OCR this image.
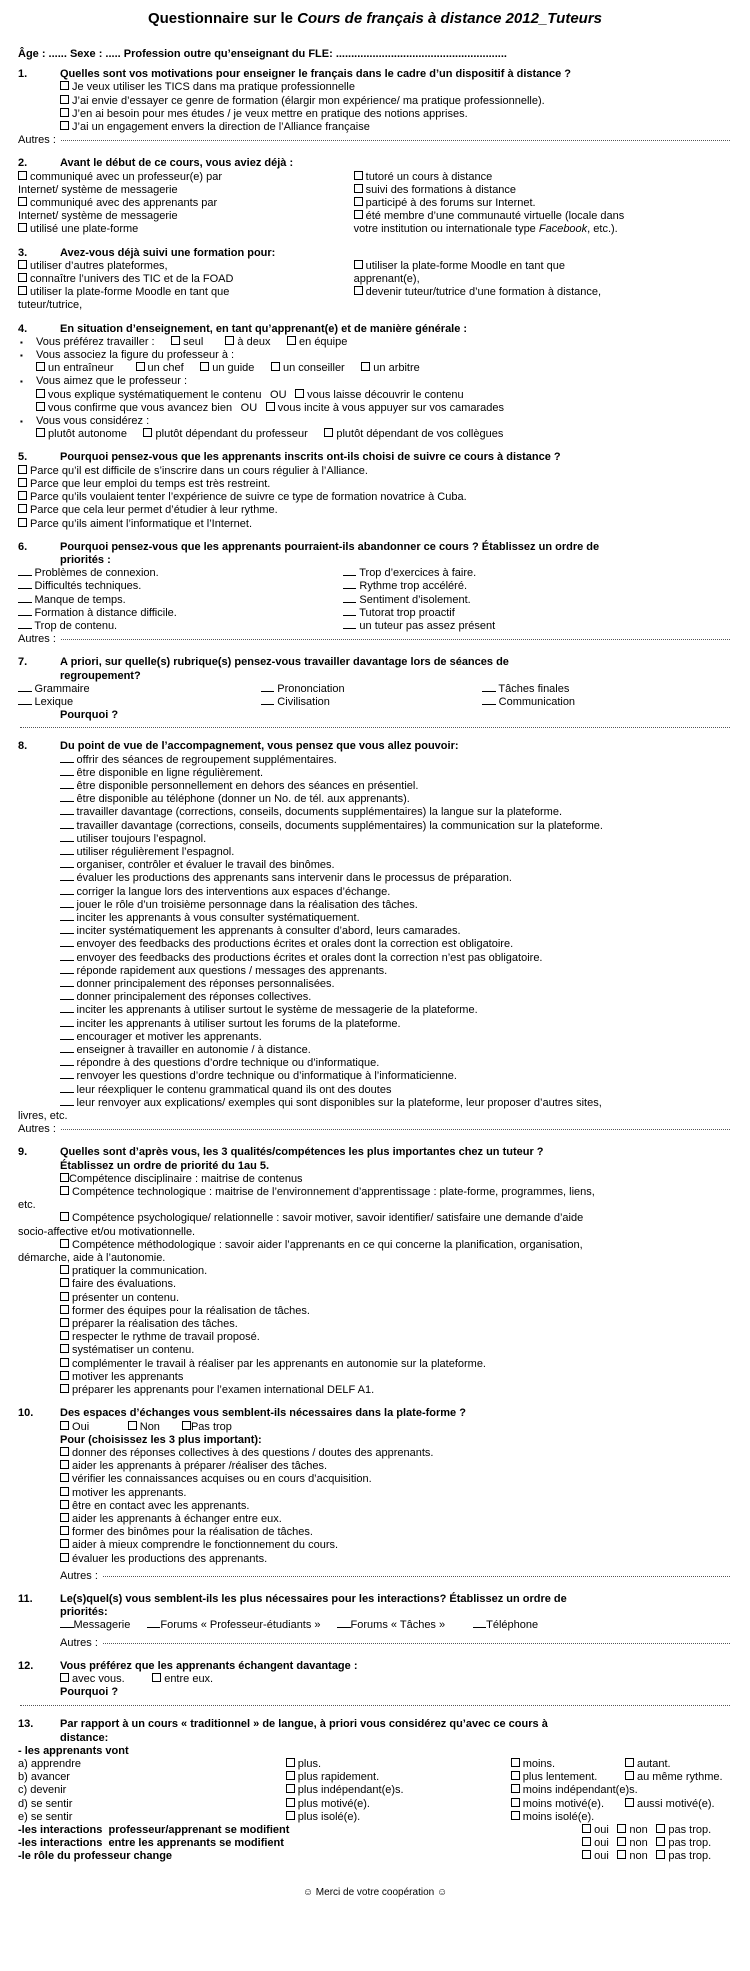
Questionnaire sur le Cours de français à distance 2012_Tuteurs
Âge : ...... Sexe : ..... Profession outre qu’enseignant du FLE: ........................................................
1.	Quelles sont vos motivations pour enseigner le français dans le cadre d’un dispositif à distance ?
Je veux utiliser les TICS dans ma pratique professionnelle
J’ai envie d’essayer ce genre de formation (élargir mon expérience/ ma pratique professionnelle).
J’en ai besoin pour mes études / je veux mettre en pratique des notions apprises.
J’ai un engagement envers la direction de l’Alliance française
Autres :
2.	Avant le début de ce cours, vous aviez déjà :
communiqué avec un professeur(e) par	tutoré un cours à distance
Internet/ système de messagerie	suivi des formations à distance
communiqué avec des apprenants par	participé à des forums sur Internet.
Internet/ système de messagerie	été membre d’une communauté virtuelle (locale dans
utilisé une plate-forme	votre institution ou internationale type Facebook, etc.).
3.	Avez-vous déjà suivi une formation pour:
utiliser d’autres plateformes,	utiliser la plate-forme Moodle en tant que
connaître l’univers des TIC et de la FOAD	apprenant(e),
utiliser la plate-forme Moodle en tant que	devenir tuteur/tutrice d’une formation à distance,
tuteur/tutrice,
4.	En situation d’enseignement, en tant qu’apprenant(e) et de manière générale :
▪	Vous préférez travailler :   seul   à deux   en équipe
▪	Vous associez la figure du professeur à :
un entraîneur   un chef   un guide   un conseiller   un arbitre
▪	Vous aimez que le professeur :
vous explique systématiquement le contenu  OU   vous laisse découvrir le contenu
vous confirme que vous avancez bien  OU   vous incite à vous appuyer sur vos camarades
▪	Vous vous considérez :
plutôt autonome   plutôt dépendant du professeur   plutôt dépendant de vos collègues
5.	Pourquoi pensez-vous que les apprenants inscrits ont-ils choisi de suivre ce cours à distance ?
Parce qu’il est difficile de s’inscrire dans un cours régulier à l’Alliance.
Parce que leur emploi du temps est très restreint.
Parce qu’ils voulaient tenter l’expérience de suivre ce type de formation novatrice à Cuba.
Parce que cela leur permet d’étudier à leur rythme.
Parce qu’ils aiment l’informatique et l’Internet.
6.	Pourquoi pensez-vous que les apprenants pourraient-ils abandonner ce cours ? Établissez un ordre de
priorités :
Problèmes de connexion.	Trop d’exercices à faire.
Difficultés techniques.	Rythme trop accéléré.
Manque de temps.	Sentiment d’isolement.
Formation à distance difficile.	Tutorat trop proactif
Trop de contenu.	un tuteur pas assez présent
Autres :
7.	A priori, sur quelle(s) rubrique(s) pensez-vous travailler davantage lors de séances de
regroupement?
Grammaire	Prononciation	Tâches finales
Lexique	Civilisation	Communication
Pourquoi ?
8.	Du point de vue de l’accompagnement, vous pensez que vous allez pouvoir:
offrir des séances de regroupement supplémentaires.
être disponible en ligne régulièrement.
être disponible personnellement en dehors des séances en présentiel.
être disponible au téléphone (donner un No. de tél. aux apprenants).
travailler davantage (corrections, conseils, documents supplémentaires) la langue sur la plateforme.
travailler davantage (corrections, conseils, documents supplémentaires) la communication sur la plateforme.
utiliser toujours l’espagnol.
utiliser régulièrement l’espagnol.
organiser, contrôler et évaluer le travail des binômes.
évaluer les productions des apprenants sans intervenir dans le processus de préparation.
corriger la langue lors des interventions aux espaces d’échange.
jouer le rôle d’un troisième personnage dans la réalisation des tâches.
inciter les apprenants à vous consulter systématiquement.
inciter systématiquement les apprenants à consulter d’abord, leurs camarades.
envoyer des feedbacks des productions écrites et orales dont la correction est obligatoire.
envoyer des feedbacks des productions écrites et orales dont la correction n’est pas obligatoire.
réponde rapidement aux questions / messages des apprenants.
donner principalement des réponses personnalisées.
donner principalement des réponses collectives.
inciter les apprenants à utiliser surtout le système de messagerie de la plateforme.
inciter les apprenants à utiliser surtout les forums de la plateforme.
encourager et motiver les apprenants.
enseigner à travailler en autonomie / à distance.
répondre à des questions d’ordre technique ou d’informatique.
renvoyer les questions d’ordre technique ou d’informatique à l’informaticienne.
leur réexpliquer le contenu grammatical quand ils ont des doutes
leur renvoyer aux explications/ exemples qui sont disponibles sur la plateforme, leur proposer d’autres sites,
livres, etc.
Autres :
9.	Quelles sont d’après vous, les 3 qualités/compétences les plus importantes chez un tuteur ?
Établissez un ordre de priorité du 1au 5.
Compétence disciplinaire : maitrise de contenus
Compétence technologique : maitrise de l’environnement d’apprentissage : plate-forme, programmes, liens,
etc.
Compétence psychologique/ relationnelle : savoir motiver, savoir identifier/ satisfaire une demande d’aide
socio-affective et/ou motivationnelle.
Compétence méthodologique : savoir aider l’apprenants en ce qui concerne la planification, organisation,
démarche, aide à l’autonomie.
pratiquer la communication.
faire des évaluations.
présenter un contenu.
former des équipes pour la réalisation de tâches.
préparer la réalisation des tâches.
respecter le rythme de travail proposé.
systématiser un contenu.
complémenter le travail à réaliser par les apprenants en autonomie sur la plateforme.
motiver les apprenants
préparer les apprenants pour l’examen international DELF A1.
10.	Des espaces d’échanges vous semblent-ils nécessaires dans la plate-forme ?
Oui     Non  Pas trop
Pour (choisissez les 3 plus important):
donner des réponses collectives à des questions / doutes des apprenants.
aider les apprenants à préparer /réaliser des tâches.
vérifier les connaissances acquises ou en cours d’acquisition.
motiver les apprenants.
être en contact avec les apprenants.
aider les apprenants à échanger entre eux.
former des binômes pour la réalisation de tâches.
aider à mieux comprendre le fonctionnement du cours.
évaluer les productions des apprenants.
Autres :
11.	Le(s)quel(s) vous semblent-ils les plus nécessaires pour les interactions? Établissez un ordre de
priorités:
Messagerie  Forums « Professeur-étudiants »  Forums « Tâches »   Téléphone
Autres :
12.	Vous préférez que les apprenants échangent davantage :
avec vous.    entre eux.
Pourquoi ?
13.	Par rapport à un cours « traditionnel » de langue, à priori vous considérez qu’avec ce cours à
distance:
- les apprenants vont
a) apprendre	plus.	moins.	autant.
b) avancer	plus rapidement.	plus lentement.	au même rythme.
c) devenir	plus indépendant(e)s.	moins indépendant(e)s.
d) se sentir	plus motivé(e).	moins motivé(e).	aussi motivé(e).
e) se sentir	plus isolé(e).	moins isolé(e).
-les interactions  professeur/apprenant se modifient	oui   non   pas trop.
-les interactions  entre les apprenants se modifient	oui   non   pas trop.
-le rôle du professeur change	oui   non   pas trop.
☺ Merci de votre coopération ☺
